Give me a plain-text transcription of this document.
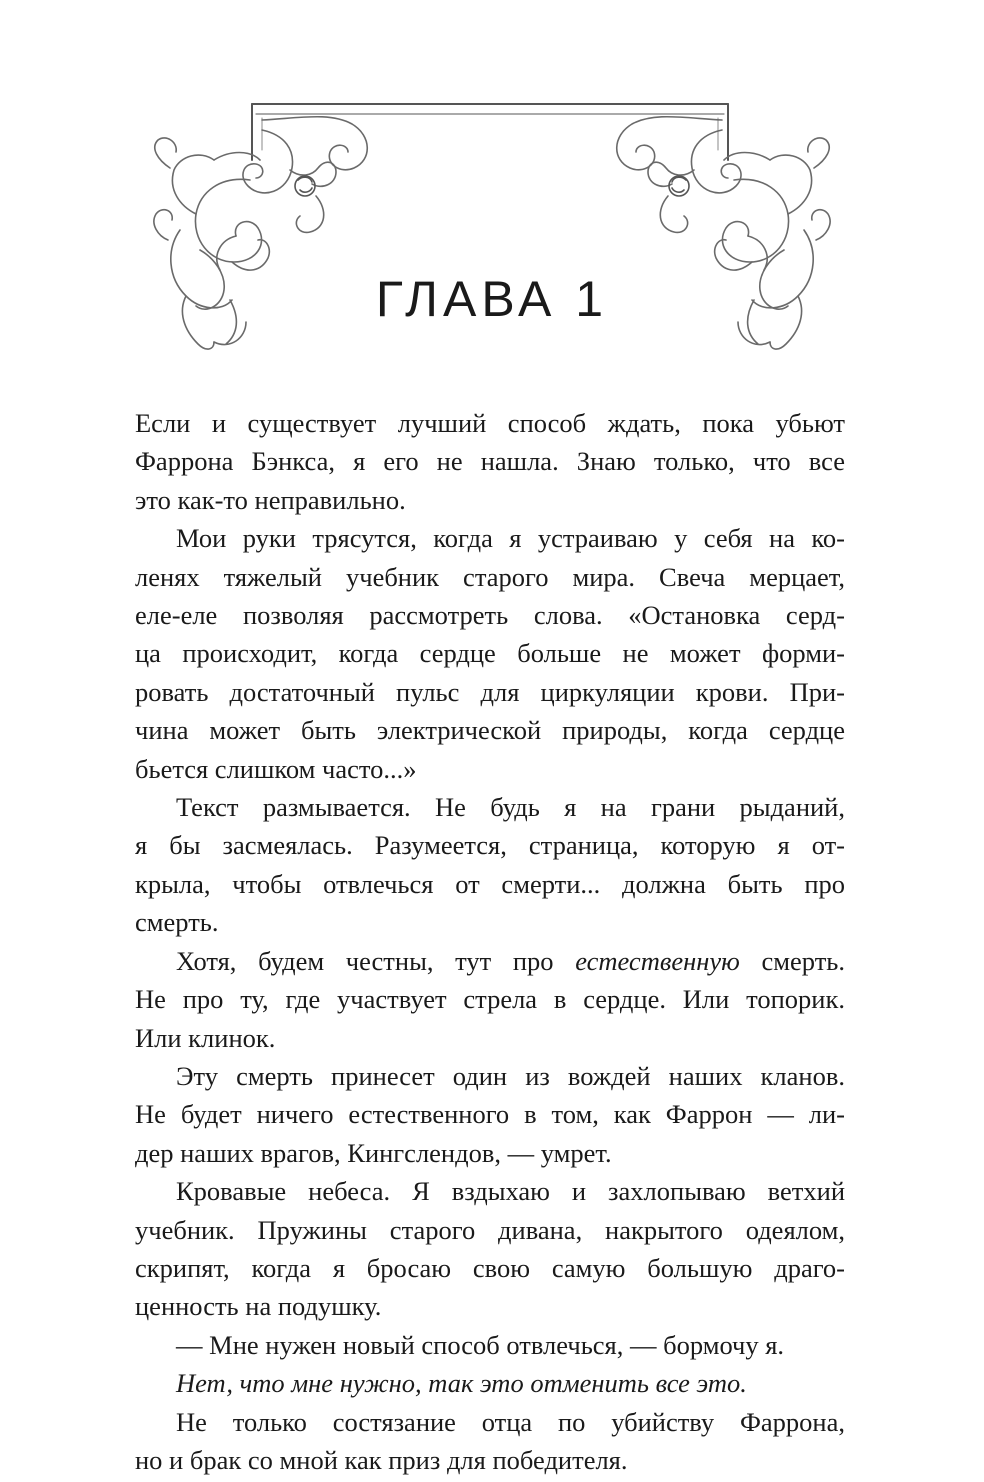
ГЛАВА 1

Если и существует лучший способ ждать, пока убьют

Фаррона Бэнкса, я его не нашла. Знаю только, что все

это как-то неправильно.

Мои руки трясутся, когда я устраиваю у себя на ко-

ленях тяжелый учебник старого мира. Свеча мерцает,

еле-еле позволяя рассмотреть слова. «Остановка серд-

ца происходит, когда сердце больше не может форми-

ровать достаточный пульс для циркуляции крови. При-

чина может быть электрической природы, когда сердце

бьется слишком часто...»

Текст размывается. Не будь я на грани рыданий,

я бы засмеялась. Разумеется, страница, которую я от-

крыла, чтобы отвлечься от смерти... должна быть про

смерть.

Хотя, будем честны, тут про естественную смерть.

Не про ту, где участвует стрела в сердце. Или топорик.

Или клинок.

Эту смерть принесет один из вождей наших кланов.

Не будет ничего естественного в том, как Фаррон — ли-

дер наших врагов, Кингслендов, — умрет.

Кровавые небеса. Я вздыхаю и захлопываю ветхий

учебник. Пружины старого дивана, накрытого одеялом,

скрипят, когда я бросаю свою самую большую драго-

ценность на подушку.

— Мне нужен новый способ отвлечься, — бормочу я.

Нет, что мне нужно, так это отменить все это.

Не только состязание отца по убийству Фаррона,

но и брак со мной как приз для победителя.
